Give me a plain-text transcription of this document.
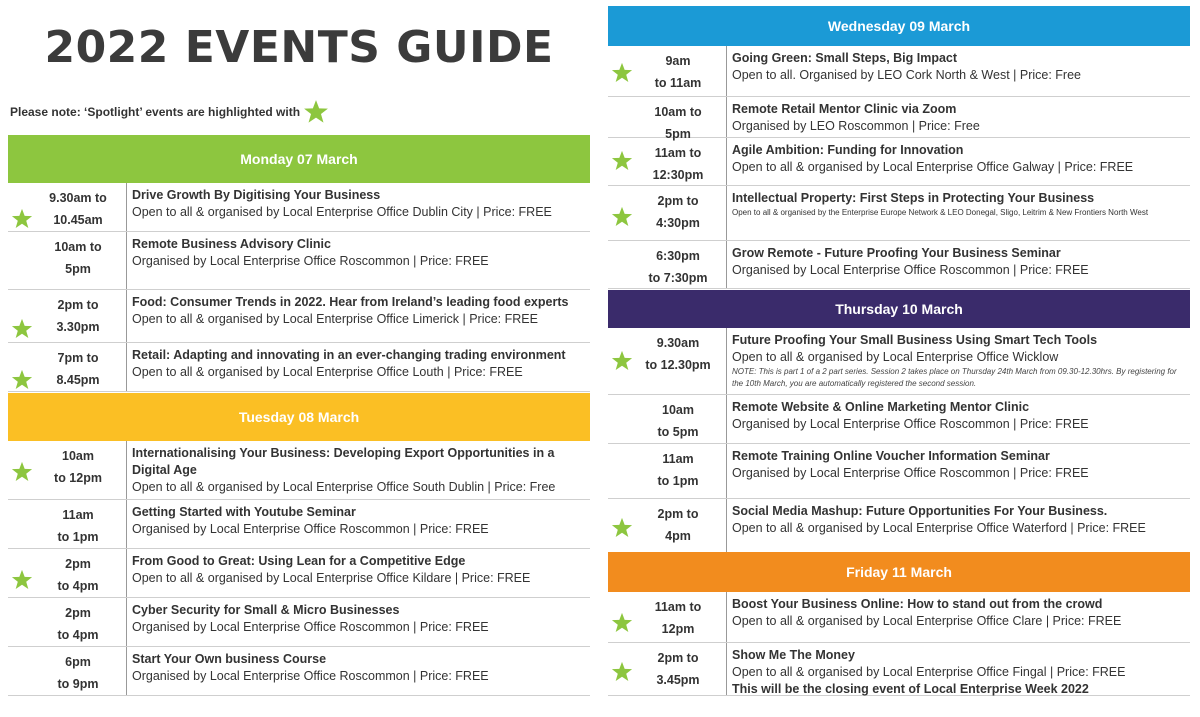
2022 EVENTS GUIDE
Please note: ‘Spotlight’ events are highlighted with
Monday 07 March
9.30am to
10.45am
Drive Growth By Digitising Your Business
Open to all & organised by Local Enterprise Office Dublin City | Price: FREE
10am to
5pm
Remote Business Advisory Clinic
Organised by Local Enterprise Office Roscommon | Price: FREE
2pm to
3.30pm
Food: Consumer Trends in 2022. Hear from Ireland’s leading food experts
Open to all & organised by Local Enterprise Office Limerick | Price: FREE
7pm to
8.45pm
Retail: Adapting and innovating in an ever-changing trading environment
Open to all & organised by Local Enterprise Office Louth | Price: FREE
Tuesday 08 March
10am
to 12pm
Internationalising Your Business: Developing Export Opportunities in a Digital Age
Open to all & organised by Local Enterprise Office South Dublin | Price: Free
11am
to 1pm
Getting Started with Youtube Seminar
Organised by Local Enterprise Office Roscommon | Price: FREE
2pm
to 4pm
From Good to Great: Using Lean for a Competitive Edge
Open to all & organised by Local Enterprise Office Kildare | Price: FREE
2pm
to 4pm
Cyber Security for Small & Micro Businesses
Organised by Local Enterprise Office Roscommon | Price: FREE
6pm
to 9pm
Start Your Own business Course
Organised by Local Enterprise Office Roscommon | Price: FREE
Wednesday 09 March
9am
to 11am
Going Green: Small Steps, Big Impact
Open to all. Organised by LEO Cork North & West | Price: Free
10am to
5pm
Remote Retail Mentor Clinic via Zoom
Organised by LEO Roscommon | Price: Free
11am to
12:30pm
Agile Ambition: Funding for Innovation
Open to all & organised by Local Enterprise Office Galway | Price: FREE
2pm to
4:30pm
Intellectual Property: First Steps in Protecting Your Business
Open to all & organised by the Enterprise Europe Network & LEO Donegal, Sligo, Leitrim & New Frontiers North West
6:30pm
to 7:30pm
Grow Remote - Future Proofing Your Business Seminar
Organised by Local Enterprise Office Roscommon | Price: FREE
Thursday 10 March
9.30am
to 12.30pm
Future Proofing Your Small Business Using Smart Tech Tools
Open to all & organised by Local Enterprise Office Wicklow
NOTE: This is part 1 of a 2 part series. Session 2 takes place on Thursday 24th March from 09.30-12.30hrs. By registering for the 10th March, you are automatically registered the second session.
10am
to 5pm
Remote Website & Online Marketing Mentor Clinic
Organised by Local Enterprise Office Roscommon | Price: FREE
11am
to 1pm
Remote Training Online Voucher Information Seminar
Organised by Local Enterprise Office Roscommon | Price: FREE
2pm to
4pm
Social Media Mashup: Future Opportunities For Your Business.
Open to all & organised by Local Enterprise Office Waterford | Price: FREE
Friday 11 March
11am to
12pm
Boost Your Business Online: How to stand out from the crowd
Open to all & organised by Local Enterprise Office Clare | Price: FREE
2pm to
3.45pm
Show Me The Money
Open to all & organised by Local Enterprise Office Fingal | Price: FREE
This will be the closing event of Local Enterprise Week 2022
